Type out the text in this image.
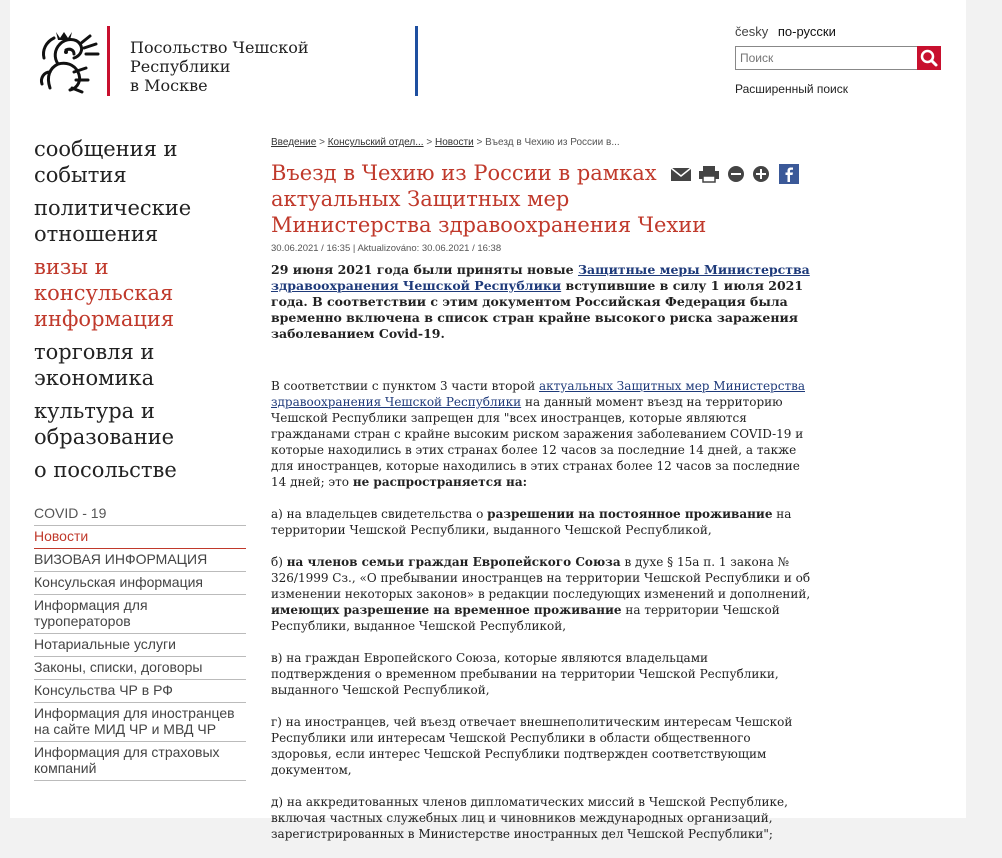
Посольство Чешской Республики
в Москве
česky по-русски
Поиск
Расширенный поиск
сообщения и события
политические отношения
визы и консульская информация
торговля и экономика
культура и образование
о посольстве
COVID - 19
Новости
ВИЗОВАЯ ИНФОРМАЦИЯ
Консульская информация
Информация для туроператоров
Нотариальные услуги
Законы, списки, договоры
Консульства ЧР в РФ
Информация для иностранцев на сайте МИД ЧР и МВД ЧР
Информация для страховых компаний
Введение > Консульский отдел... > Новости > Въезд в Чехию из России в...
Въезд в Чехию из России в рамках актуальных Защитных мер Министерства здравоохранения Чехии
30.06.2021 / 16:35 | Aktualizováno: 30.06.2021 / 16:38

29 июня 2021 года были приняты новые Защитные меры Министерства здравоохранения Чешской Республики вступившие в силу 1 июля 2021 года. В соответствии с этим документом Российская Федерация была временно включена в список стран крайне высокого риска заражения заболеванием Covid-19.

В соответствии с пунктом 3 части второй актуальных Защитных мер Министерства здравоохранения Чешской Республики на данный момент въезд на территорию Чешской Республики запрещен для "всех иностранцев, которые являются гражданами стран с крайне высоким риском заражения заболеванием COVID-19 и которые находились в этих странах более 12 часов за последние 14 дней, а также для иностранцев, которые находились в этих странах более 12 часов за последние 14 дней; это не распространяется на:

а) на владельцев свидетельства о разрешении на постоянное проживание на территории Чешской Республики, выданного Чешской Республикой,

б) на членов семьи граждан Европейского Союза в духе § 15а п. 1 закона № 326/1999 Сз., «О пребывании иностранцев на территории Чешской Республики и об изменении некоторых законов» в редакции последующих изменений и дополнений, имеющих разрешение на временное проживание на территории Чешской Республики, выданное Чешской Республикой,

в) на граждан Европейского Союза, которые являются владельцами подтверждения о временном пребывании на территории Чешской Республики, выданного Чешской Республикой,

г) на иностранцев, чей въезд отвечает внешнеполитическим интересам Чешской Республики или интересам Чешской Республики в области общественного здоровья, если интерес Чешской Республики подтвержден соответствующим документом,

д) на аккредитованных членов дипломатических миссий в Чешской Республике, включая частных служебных лиц и чиновников международных организаций, зарегистрированных в Министерстве иностранных дел Чешской Республики";
